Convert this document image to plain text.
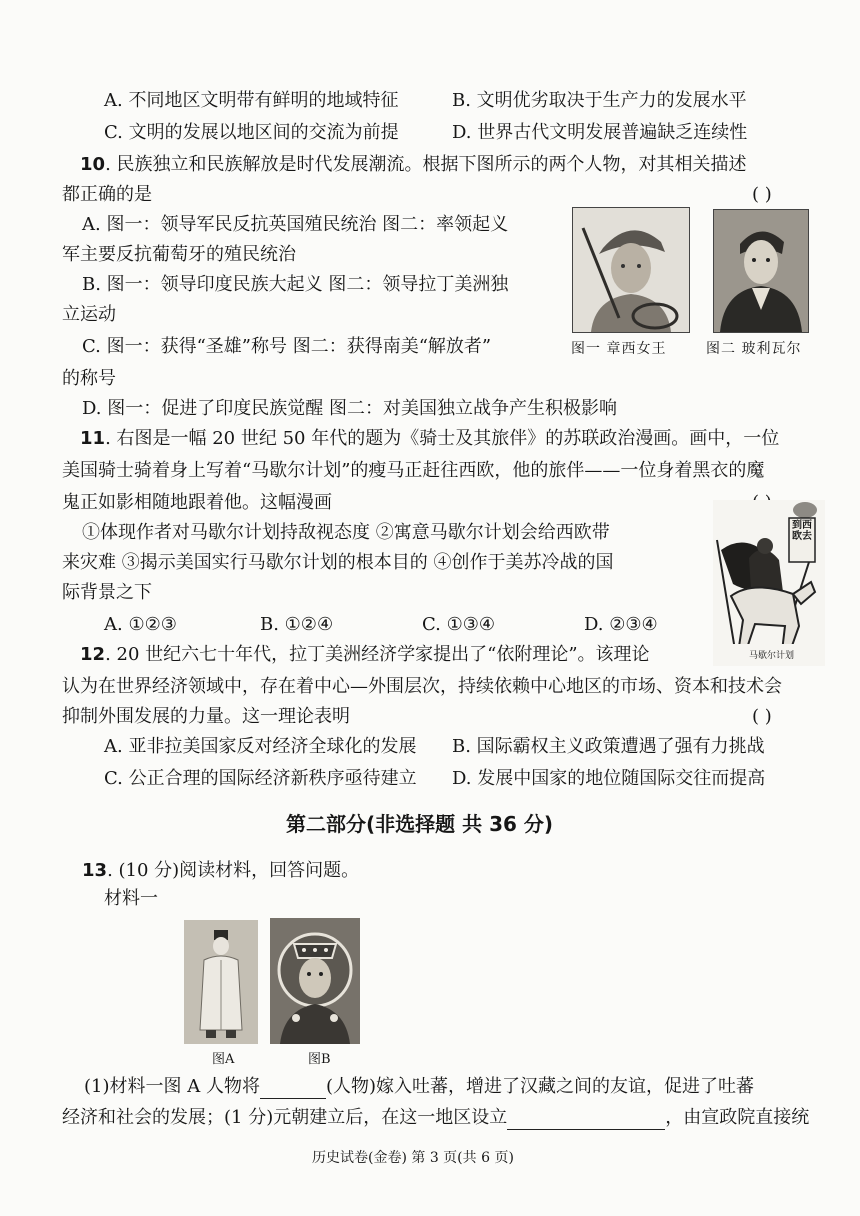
A. 不同地区文明带有鲜明的地域特征	B. 文明优劣取决于生产力的发展水平
C. 文明的发展以地区间的交流为前提	D. 世界古代文明发展普遍缺乏连续性
10. 民族独立和民族解放是时代发展潮流。根据下图所示的两个人物，对其相关描述
都正确的是	( )
A. 图一：领导军民反抗英国殖民统治 图二：率领起义
军主要反抗葡萄牙的殖民统治
B. 图一：领导印度民族大起义 图二：领导拉丁美洲独
立运动
C. 图一：获得“圣雄”称号 图二：获得南美“解放者”
的称号
D. 图一：促进了印度民族觉醒 图二：对美国独立战争产生积极影响
图一 章西女王	图二 玻利瓦尔
11. 右图是一幅 20 世纪 50 年代的题为《骑士及其旅伴》的苏联政治漫画。画中，一位
美国骑士骑着身上写着“马歇尔计划”的瘦马正赶往西欧，他的旅伴——一位身着黑衣的魔
鬼正如影相随地跟着他。这幅漫画
①体现作者对马歇尔计划持敌视态度 ②寓意马歇尔计划会给西欧带
来灾难 ③揭示美国实行马歇尔计划的根本目的 ④创作于美苏冷战的国
际背景之下
A. ①②③	B. ①②④	C. ①③④	D. ②③④
到西欧去
马歇尔计划
12. 20 世纪六七十年代，拉丁美洲经济学家提出了“依附理论”。该理论
认为在世界经济领域中，存在着中心—外围层次，持续依赖中心地区的市场、资本和技术会
抑制外围发展的力量。这一理论表明	( )
A. 亚非拉美国家反对经济全球化的发展 B. 国际霸权主义政策遭遇了强有力挑战
C. 公正合理的国际经济新秩序亟待建立 D. 发展中国家的地位随国际交往而提高
第二部分(非选择题 共 36 分)
13. (10 分)阅读材料，回答问题。
材料一
图A	图B
(1)材料一图 A 人物将	(人物)嫁入吐蕃，增进了汉藏之间的友谊，促进了吐蕃
经济和社会的发展；(1 分)元朝建立后，在这一地区设立	，由宣政院直接统
历史试卷(金卷) 第 3 页(共 6 页)
